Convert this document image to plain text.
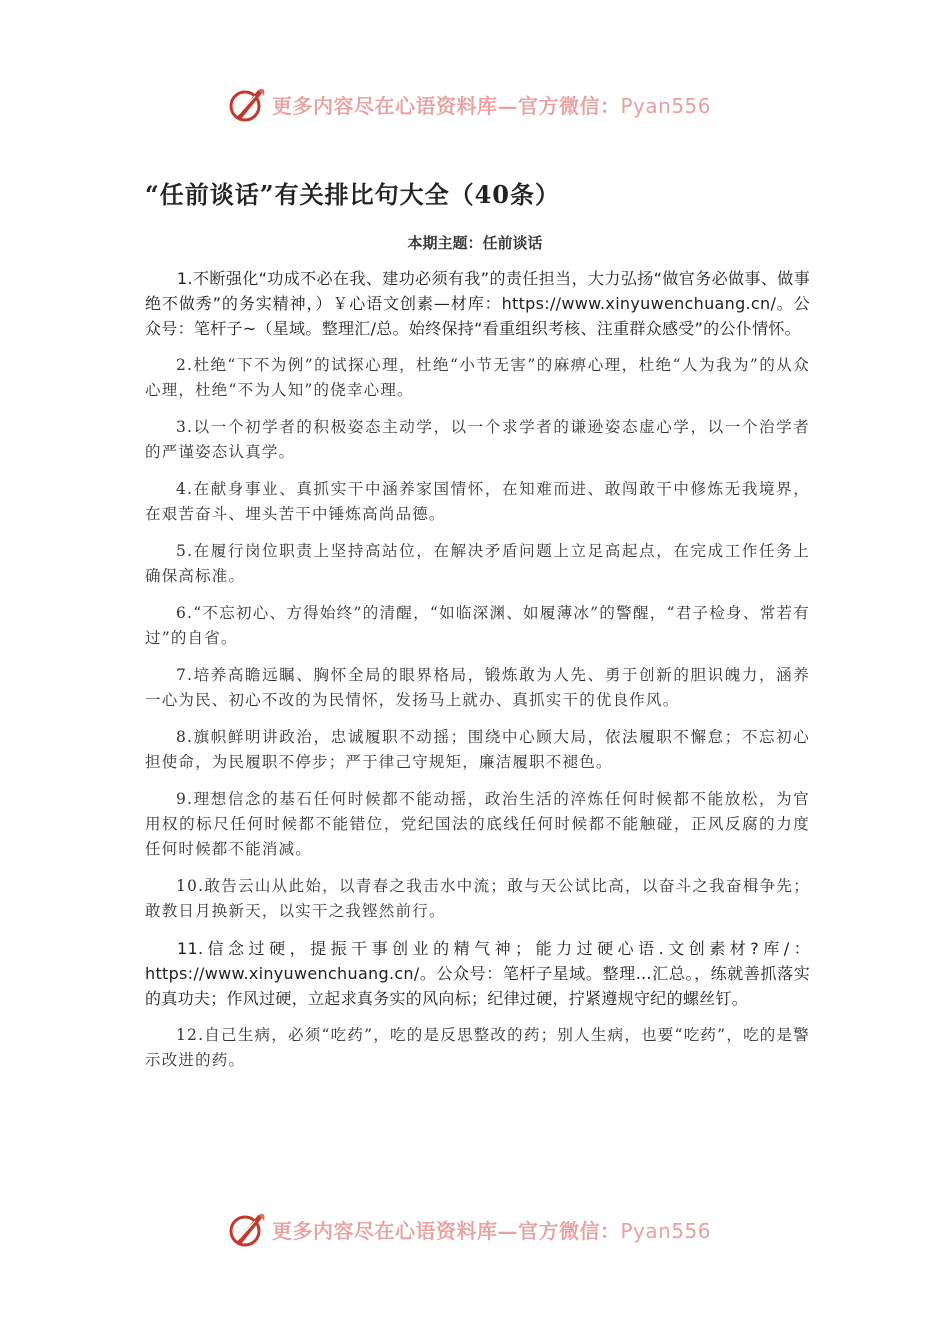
更多内容尽在心语资料库—官方微信：Pyan556
“任前谈话”有关排比句大全（40条）

本期主题：任前谈话

1.不断强化“功成不必在我、建功必须有我”的责任担当，大力弘扬“做官务必做事、做事绝不做秀”的务实精神，）￥心语文创素—材库：https://www.xinyuwenchuang.cn/。公众号：笔杆子~（星域。整理汇/总。始终保持“看重组织考核、注重群众感受”的公仆情怀。

2.杜绝“下不为例”的试探心理，杜绝“小节无害”的麻痹心理，杜绝“人为我为”的从众心理，杜绝“不为人知”的侥幸心理。

3.以一个初学者的积极姿态主动学，以一个求学者的谦逊姿态虚心学，以一个治学者的严谨姿态认真学。

4.在献身事业、真抓实干中涵养家国情怀，在知难而进、敢闯敢干中修炼无我境界，在艰苦奋斗、埋头苦干中锤炼高尚品德。

5.在履行岗位职责上坚持高站位，在解决矛盾问题上立足高起点，在完成工作任务上确保高标准。

6.“不忘初心、方得始终”的清醒，“如临深渊、如履薄冰”的警醒，“君子检身、常若有过”的自省。

7.培养高瞻远瞩、胸怀全局的眼界格局，锻炼敢为人先、勇于创新的胆识魄力，涵养一心为民、初心不改的为民情怀，发扬马上就办、真抓实干的优良作风。

8.旗帜鲜明讲政治，忠诚履职不动摇；围绕中心顾大局，依法履职不懈怠；不忘初心担使命，为民履职不停步；严于律己守规矩，廉洁履职不褪色。

9.理想信念的基石任何时候都不能动摇，政治生活的淬炼任何时候都不能放松，为官用权的标尺任何时候都不能错位，党纪国法的底线任何时候都不能触碰，正风反腐的力度任何时候都不能消减。

10.敢告云山从此始，以青春之我击水中流；敢与天公试比高，以奋斗之我奋楫争先；敢教日月换新天，以实干之我铿然前行。

11.信念过硬，提振干事创业的精气神；能力过硬心语.文创素材?库/：https://www.xinyuwenchuang.cn/。公众号：笔杆子星域。整理…汇总。，练就善抓落实的真功夫；作风过硬，立起求真务实的风向标；纪律过硬，拧紧遵规守纪的螺丝钉。

12.自己生病，必须“吃药”，吃的是反思整改的药；别人生病，也要“吃药”，吃的是警示改进的药。

更多内容尽在心语资料库—官方微信：Pyan556
